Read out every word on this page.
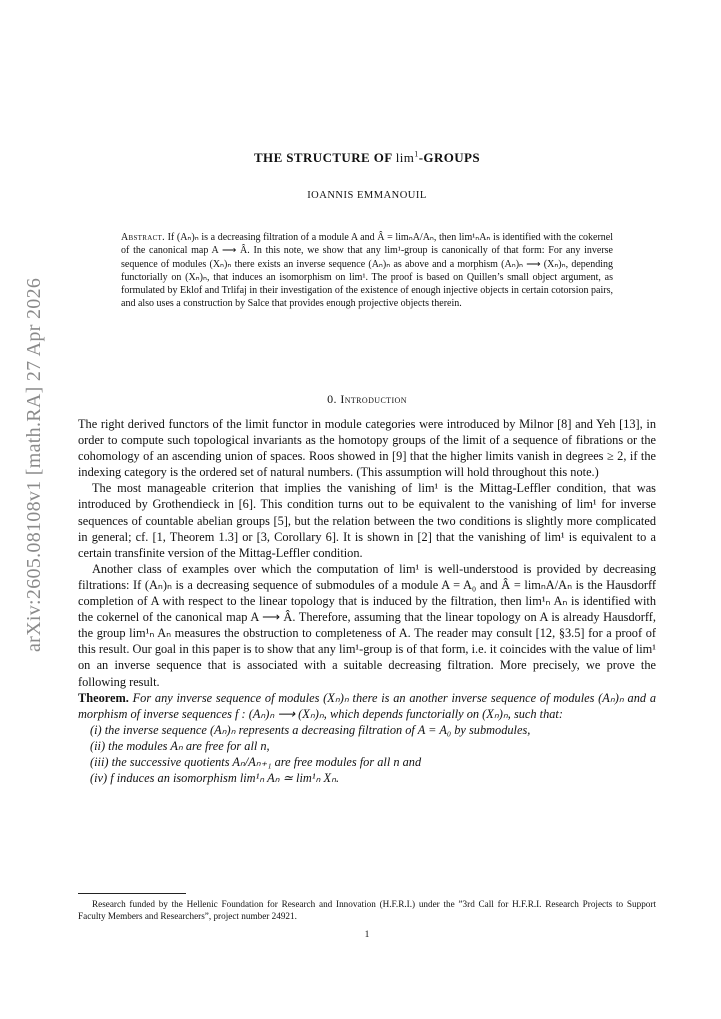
arXiv:2605.08108v1 [math.RA] 27 Apr 2026
THE STRUCTURE OF $\lim^1$-GROUPS
IOANNIS EMMANOUIL
Abstract. If (Aₙ)ₙ is a decreasing filtration of a module A and Â = limₙA/Aₙ, then lim¹ₙAₙ is identified with the cokernel of the canonical map A ⟶ Â. In this note, we show that any lim¹-group is canonically of that form: For any inverse sequence of modules (Xₙ)ₙ there exists an inverse sequence (Aₙ)ₙ as above and a morphism (Aₙ)ₙ ⟶ (Xₙ)ₙ, depending functorially on (Xₙ)ₙ, that induces an isomorphism on lim¹. The proof is based on Quillen’s small object argument, as formulated by Eklof and Trlifaj in their investigation of the existence of enough injective objects in certain cotorsion pairs, and also uses a construction by Salce that provides enough projective objects therein.
0. Introduction

The right derived functors of the limit functor in module categories were introduced by Milnor [8] and Yeh [13], in order to compute such topological invariants as the homotopy groups of the limit of a sequence of fibrations or the cohomology of an ascending union of spaces. Roos showed in [9] that the higher limits vanish in degrees ≥ 2, if the indexing category is the ordered set of natural numbers. (This assumption will hold throughout this note.)

The most manageable criterion that implies the vanishing of lim¹ is the Mittag-Leffler condition, that was introduced by Grothendieck in [6]. This condition turns out to be equivalent to the vanishing of lim¹ for inverse sequences of countable abelian groups [5], but the relation between the two conditions is slightly more complicated in general; cf. [1, Theorem 1.3] or [3, Corollary 6]. It is shown in [2] that the vanishing of lim¹ is equivalent to a certain transfinite version of the Mittag-Leffler condition.

Another class of examples over which the computation of lim¹ is well-understood is provided by decreasing filtrations: If (Aₙ)ₙ is a decreasing sequence of submodules of a module A = A₀ and Â = limₙA/Aₙ is the Hausdorff completion of A with respect to the linear topology that is induced by the filtration, then lim¹ₙ Aₙ is identified with the cokernel of the canonical map A ⟶ Â. Therefore, assuming that the linear topology on A is already Hausdorff, the group lim¹ₙ Aₙ measures the obstruction to completeness of A. The reader may consult [12, §3.5] for a proof of this result. Our goal in this paper is to show that any lim¹-group is of that form, i.e. it coincides with the value of lim¹ on an inverse sequence that is associated with a suitable decreasing filtration. More precisely, we prove the following result.

Theorem. For any inverse sequence of modules (Xₙ)ₙ there is an another inverse sequence of modules (Aₙ)ₙ and a morphism of inverse sequences f : (Aₙ)ₙ ⟶ (Xₙ)ₙ, which depends functorially on (Xₙ)ₙ, such that:

(i) the inverse sequence (Aₙ)ₙ represents a decreasing filtration of A = A₀ by submodules,
(ii) the modules Aₙ are free for all n,
(iii) the successive quotients Aₙ/Aₙ₊₁ are free modules for all n and
(iv) f induces an isomorphism lim¹ₙ Aₙ ≃ lim¹ₙ Xₙ.
Research funded by the Hellenic Foundation for Research and Innovation (H.F.R.I.) under the ”3rd Call for H.F.R.I. Research Projects to Support Faculty Members and Researchers”, project number 24921.
1
